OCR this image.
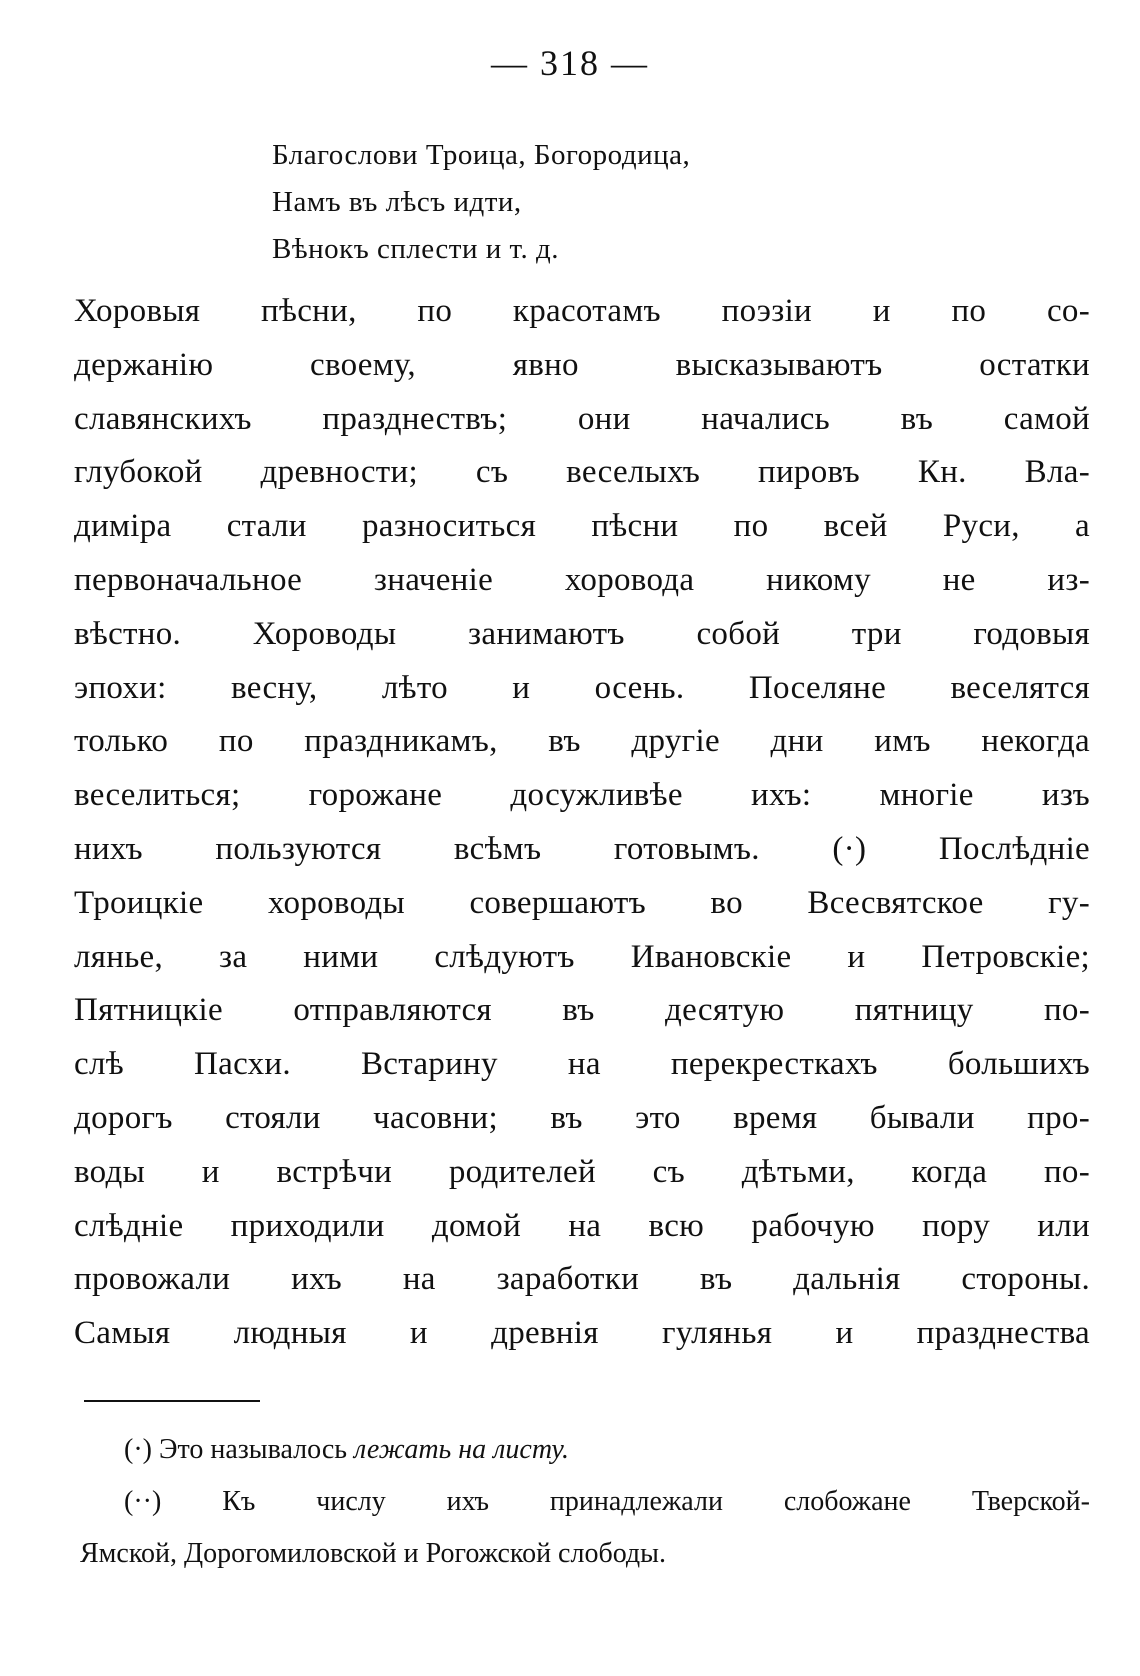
— 318 —
Благослови Троица, Богородица,
Намъ въ лѣсъ идти,
Вѣнокъ сплести и т. д.
Хоровыя пѣсни, по красотамъ поэзіи и по со-
держанію своему, явно высказываютъ остатки
славянскихъ празднествъ; они начались въ самой
глубокой древности; съ веселыхъ пировъ Кн. Вла-
диміра стали разноситься пѣсни по всей Руси, а
первоначальное значеніе хоровода никому не из-
вѣстно. Хороводы занимаютъ собой три годовыя
эпохи: весну, лѣто и осень. Поселяне веселятся
только по праздникамъ, въ другіе дни имъ некогда
веселиться; горожане досужливѣе ихъ: многіе изъ
нихъ пользуются всѣмъ готовымъ. (·) Послѣдніе
Троицкіе хороводы совершаютъ во Всесвятское гу-
лянье, за ними слѣдуютъ Ивановскіе и Петровскіе;
Пятницкіе отправляются въ десятую пятницу по-
слѣ Пасхи. Встарину на перекресткахъ большихъ
дорогъ стояли часовни; въ это время бывали про-
воды и встрѣчи родителей съ дѣтьми, когда по-
слѣдніе приходили домой на всю рабочую пору или
провожали ихъ на заработки въ дальнія стороны.
Самыя людныя и древнія гулянья и празднества
(·) Это называлось лежать на листу.
(··) Къ числу ихъ принадлежали слобожане Тверской-
Ямской, Дорогомиловской и Рогожской слободы.
